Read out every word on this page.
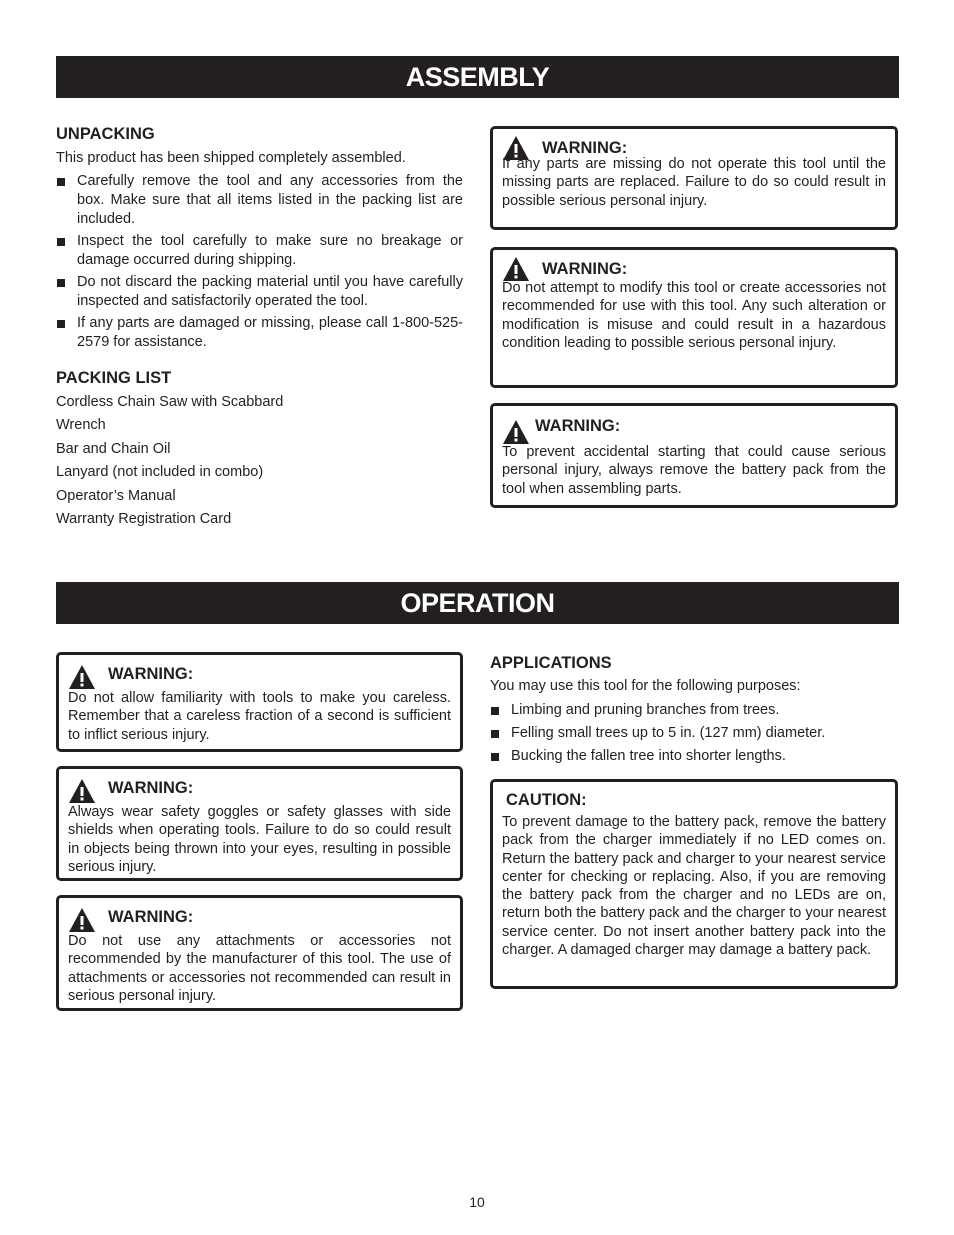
ASSEMBLY
UNPACKING

This product has been shipped completely assembled.

Carefully remove the tool and any accessories from the box. Make sure that all items listed in the packing list are included.
Inspect the tool carefully to make sure no breakage or damage occurred during shipping.
Do not discard the packing material until you have carefully inspected and satisfactorily operated the tool.
If any parts are damaged or missing, please call 1-800-525-2579 for assistance.
PACKING LIST
Cordless Chain Saw with Scabbard
Wrench
Bar and Chain Oil
Lanyard (not included in combo)
Operator’s Manual
Warranty Registration Card
WARNING:
If any parts are missing do not operate this tool until the missing parts are replaced. Failure to do so could result in possible serious personal injury.
WARNING:
Do not attempt to modify this tool or create accessories not recommended for use with this tool. Any such alteration or modification is misuse and could result in a hazardous condition leading to possible serious personal injury.
WARNING:
To prevent accidental starting that could cause serious personal injury, always remove the battery pack from the tool when assembling parts.
OPERATION
WARNING:
Do not allow familiarity with tools to make you careless. Remember that a careless fraction of a second is sufficient to inflict serious injury.
WARNING:
Always wear safety goggles or safety glasses with side shields when operating tools. Failure to do so could result in objects being thrown into your eyes, resulting in possible serious injury.
WARNING:
Do not use any attachments or accessories not recommended by the manufacturer of this tool. The use of attachments or accessories not recommended can result in serious personal injury.
APPLICATIONS

You may use this tool for the following purposes:

Limbing and pruning branches from trees.
Felling small trees up to 5 in. (127 mm) diameter.
Bucking the fallen tree into shorter lengths.
CAUTION:
To prevent damage to the battery pack, remove the battery pack from the charger immediately if no LED comes on. Return the battery pack and charger to your nearest service center for checking or replacing. Also, if you are removing the battery pack from the charger and no LEDs are on, return both the battery pack and the charger to your nearest service center. Do not insert another battery pack into the charger. A damaged charger may damage a battery pack.
10
